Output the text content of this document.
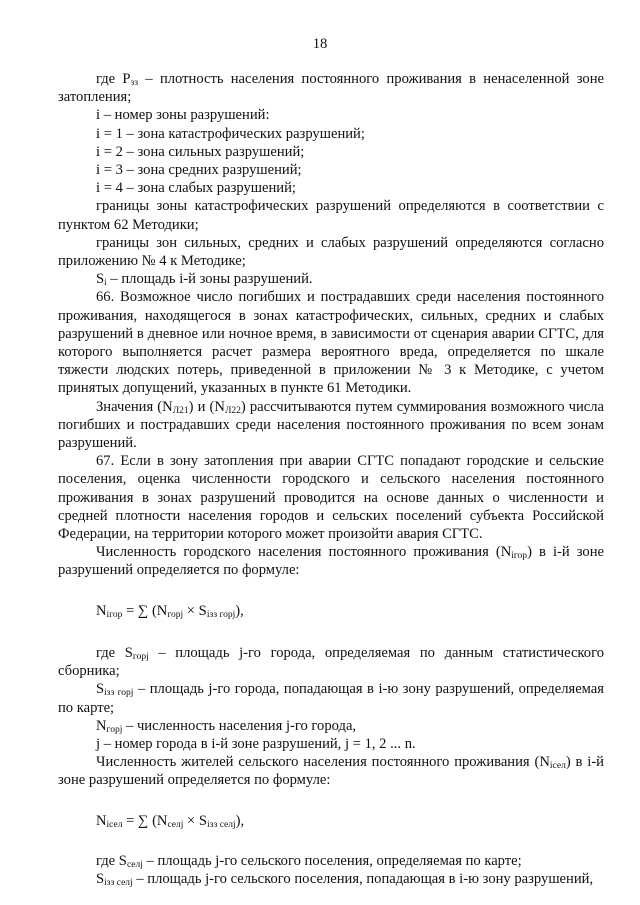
18

где $P_{зз}$ – плотность населения постоянного проживания в ненаселенной зоне затопления;

i – номер зоны разрушений:

i = 1 – зона катастрофических разрушений;

i = 2 – зона сильных разрушений;

i = 3 – зона средних разрушений;

i = 4 – зона слабых разрушений;

границы зоны катастрофических разрушений определяются в соответствии с пунктом 62 Методики;

границы зон сильных, средних и слабых разрушений определяются согласно приложению № 4 к Методике;

$S_i$ – площадь i-й зоны разрушений.

66. Возможное число погибших и пострадавших среди населения постоянного проживания, находящегося в зонах катастрофических, сильных, средних и слабых разрушений в дневное или ночное время, в зависимости от сценария аварии СГТС, для которого выполняется расчет размера вероятного вреда, определяется по шкале тяжести людских потерь, приведенной в приложении № 3 к Методике, с учетом принятых допущений, указанных в пункте 61 Методики.

Значения $(N_{Л21})$ и $(N_{Л22})$ рассчитываются путем суммирования возможного числа погибших и пострадавших среди населения постоянного проживания по всем зонам разрушений.

67. Если в зону затопления при аварии СГТС попадают городские и сельские поселения, оценка численности городского и сельского населения постоянного проживания в зонах разрушений проводится на основе данных о численности и средней плотности населения городов и сельских поселений субъекта Российской Федерации, на территории которого может произойти авария СГТС.

Численность городского населения постоянного проживания $(N_{iгор})$ в i-й зоне разрушений определяется по формуле:

$N_{iгор}$ = ∑ $(N_{горj} \times S_{iзз горj})$,

где $S_{горj}$ – площадь j-го города, определяемая по данным статистического сборника;

$S_{iзз горj}$ – площадь j-го города, попадающая в i-ю зону разрушений, определяемая по карте;

$N_{горj}$ – численность населения j-го города,

j – номер города в i-й зоне разрушений, j = 1, 2 ... n.

Численность жителей сельского населения постоянного проживания $(N_{iсел})$ в i-й зоне разрушений определяется по формуле:

$N_{iсел}$ = ∑ $(N_{селj} \times S_{iзз селj})$,

где $S_{селj}$ – площадь j-го сельского поселения, определяемая по карте;

$S_{iзз селj}$ – площадь j-го сельского поселения, попадающая в i-ю зону разрушений,
